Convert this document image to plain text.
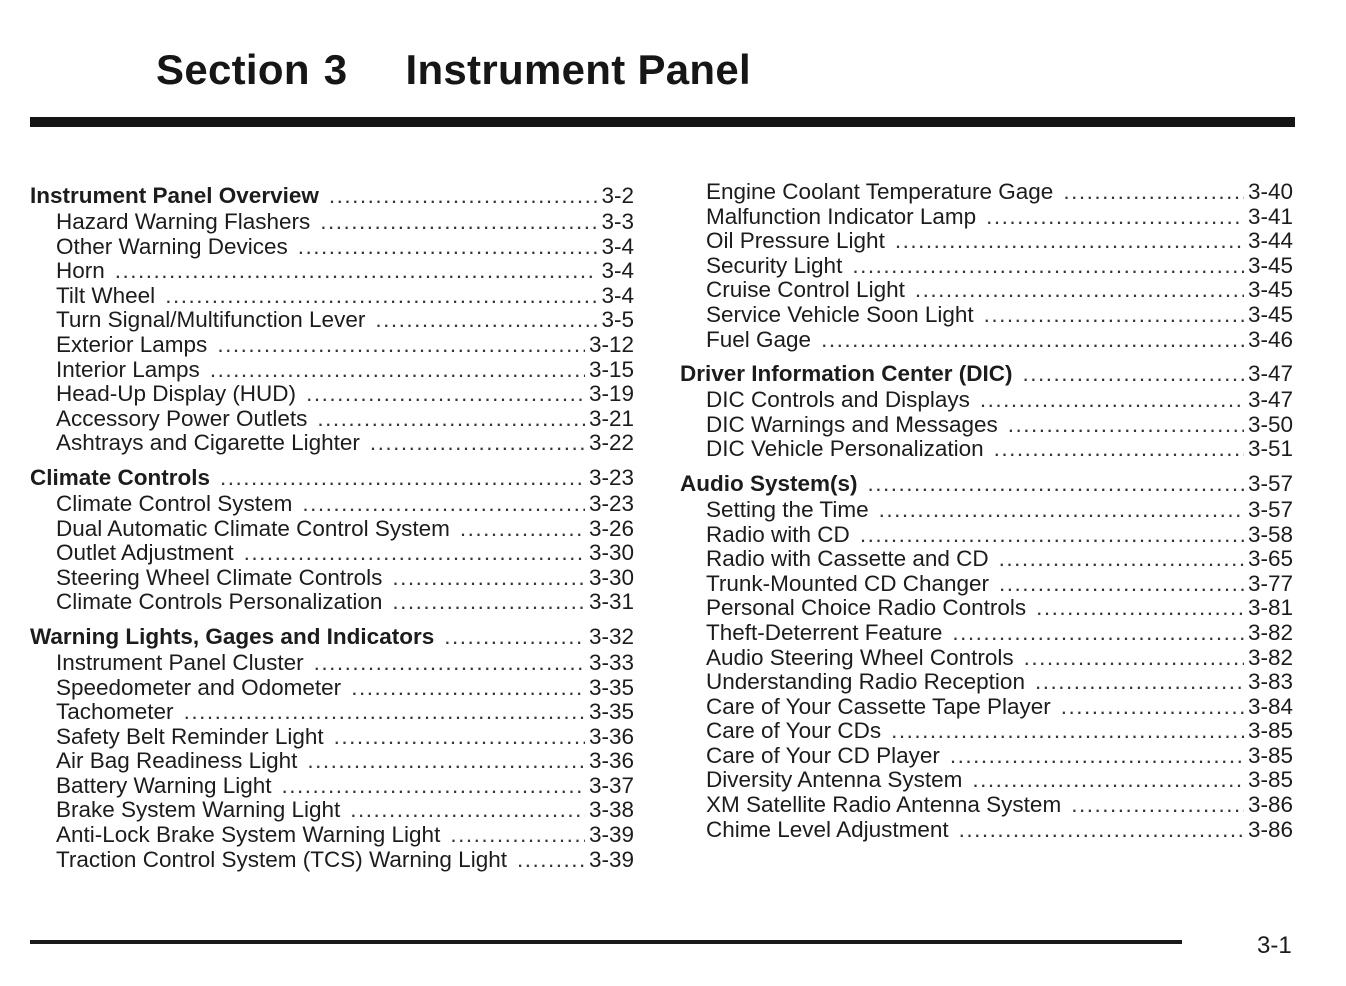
Section 3 Instrument Panel
Instrument Panel Overview .....	3-2
Hazard Warning Flashers .....	3-3
Other Warning Devices .....	3-4
Horn .....	3-4
Tilt Wheel .....	3-4
Turn Signal/Multifunction Lever .....	3-5
Exterior Lamps .....	3-12
Interior Lamps .....	3-15
Head-Up Display (HUD) .....	3-19
Accessory Power Outlets .....	3-21
Ashtrays and Cigarette Lighter .....	3-22
Climate Controls .....	3-23
Climate Control System .....	3-23
Dual Automatic Climate Control System .....	3-26
Outlet Adjustment .....	3-30
Steering Wheel Climate Controls .....	3-30
Climate Controls Personalization .....	3-31
Warning Lights, Gages and Indicators .....	3-32
Instrument Panel Cluster .....	3-33
Speedometer and Odometer .....	3-35
Tachometer .....	3-35
Safety Belt Reminder Light .....	3-36
Air Bag Readiness Light .....	3-36
Battery Warning Light .....	3-37
Brake System Warning Light .....	3-38
Anti-Lock Brake System Warning Light .....	3-39
Traction Control System (TCS) Warning Light .....	3-39
Engine Coolant Temperature Gage .....	3-40
Malfunction Indicator Lamp .....	3-41
Oil Pressure Light .....	3-44
Security Light .....	3-45
Cruise Control Light .....	3-45
Service Vehicle Soon Light .....	3-45
Fuel Gage .....	3-46
Driver Information Center (DIC) .....	3-47
DIC Controls and Displays .....	3-47
DIC Warnings and Messages .....	3-50
DIC Vehicle Personalization .....	3-51
Audio System(s) .....	3-57
Setting the Time .....	3-57
Radio with CD .....	3-58
Radio with Cassette and CD .....	3-65
Trunk-Mounted CD Changer .....	3-77
Personal Choice Radio Controls .....	3-81
Theft-Deterrent Feature .....	3-82
Audio Steering Wheel Controls .....	3-82
Understanding Radio Reception .....	3-83
Care of Your Cassette Tape Player .....	3-84
Care of Your CDs .....	3-85
Care of Your CD Player .....	3-85
Diversity Antenna System .....	3-85
XM Satellite Radio Antenna System .....	3-86
Chime Level Adjustment .....	3-86
3-1
